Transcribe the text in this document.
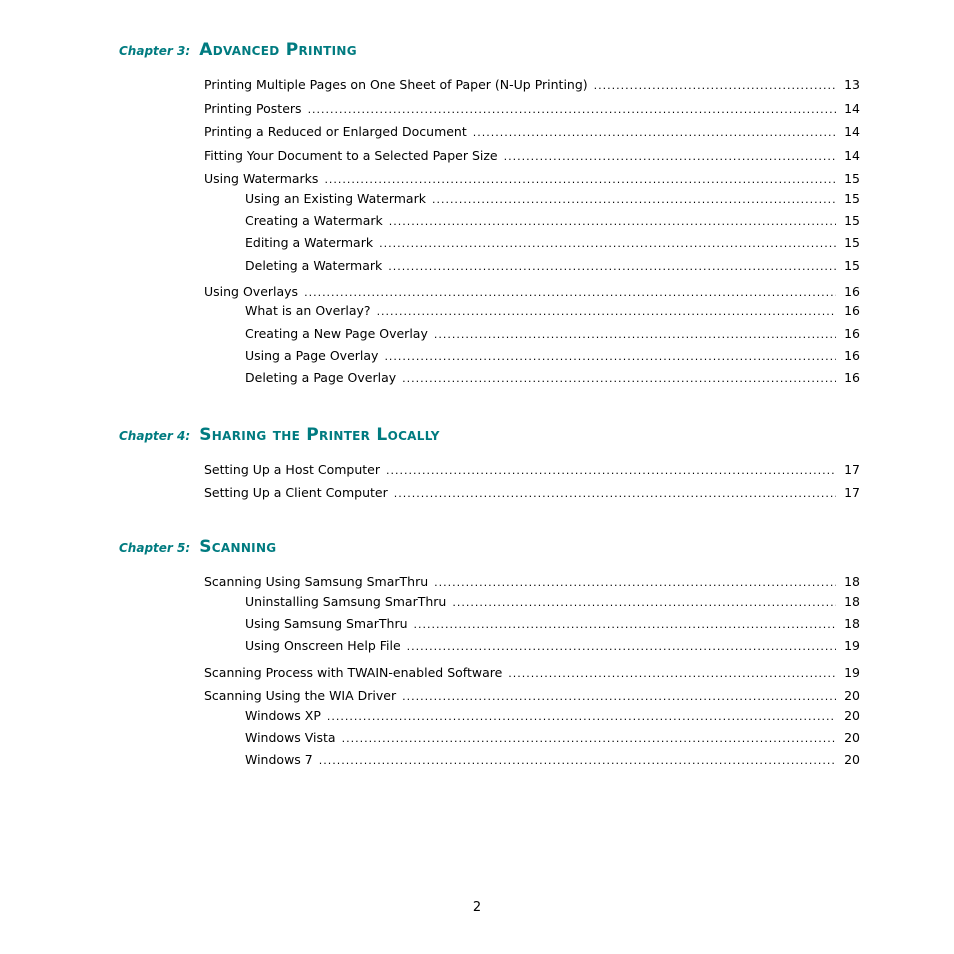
Chapter 3: Advanced Printing
Printing Multiple Pages on One Sheet of Paper (N-Up Printing) .....	13
Printing Posters .....	14
Printing a Reduced or Enlarged Document .....	14
Fitting Your Document to a Selected Paper Size .....	14
Using Watermarks .....	15
Using an Existing Watermark .....	15
Creating a Watermark .....	15
Editing a Watermark .....	15
Deleting a Watermark .....	15
Using Overlays .....	16
What is an Overlay? .....	16
Creating a New Page Overlay .....	16
Using a Page Overlay .....	16
Deleting a Page Overlay .....	16
Chapter 4: Sharing the Printer Locally
Setting Up a Host Computer .....	17
Setting Up a Client Computer .....	17
Chapter 5: Scanning
Scanning Using Samsung SmarThru .....	18
Uninstalling Samsung SmarThru .....	18
Using Samsung SmarThru .....	18
Using Onscreen Help File .....	19
Scanning Process with TWAIN-enabled Software .....	19
Scanning Using the WIA Driver .....	20
Windows XP .....	20
Windows Vista .....	20
Windows 7 .....	20
2
